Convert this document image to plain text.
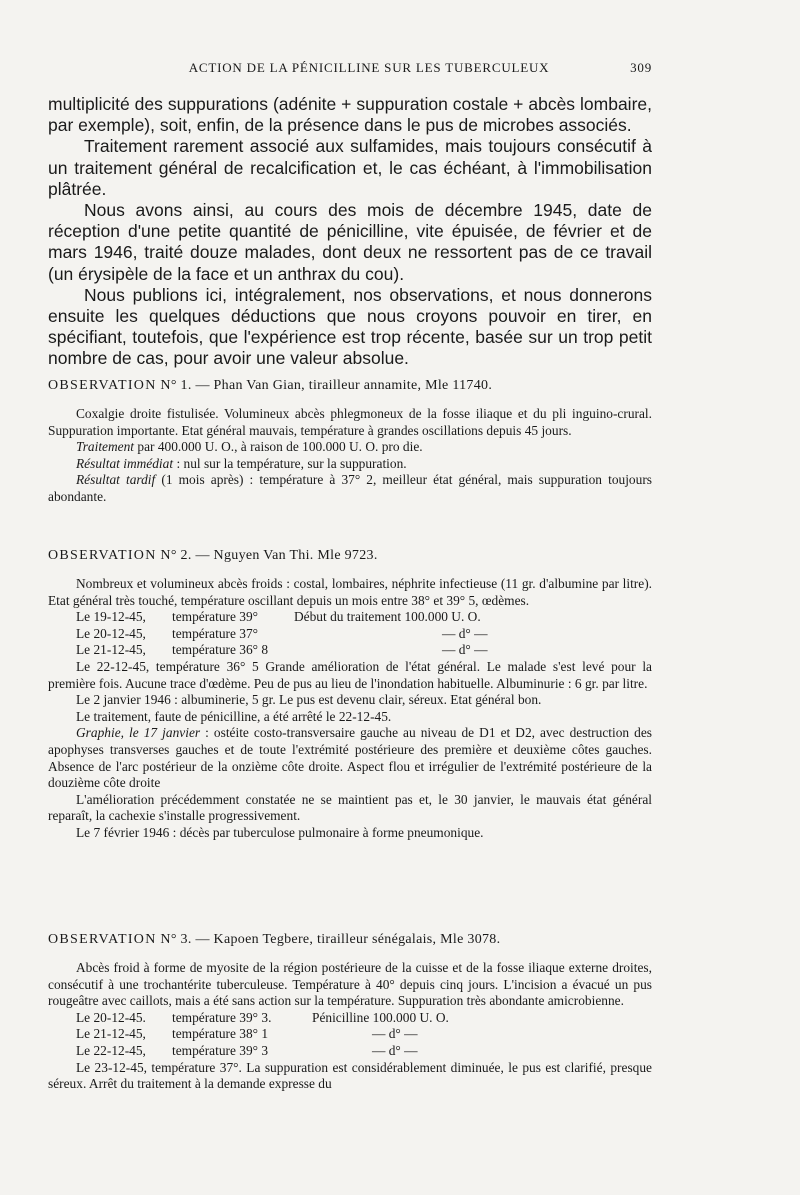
ACTION DE LA PÉNICILLINE SUR LES TUBERCULEUX	309

multiplicité des suppurations (adénite + suppuration costale + abcès lombaire, par exemple), soit, enfin, de la présence dans le pus de microbes associés.

Traitement rarement associé aux sulfamides, mais toujours consécutif à un traitement général de recalcification et, le cas échéant, à l'immobilisation plâtrée.

Nous avons ainsi, au cours des mois de décembre 1945, date de réception d'une petite quantité de pénicilline, vite épuisée, de février et de mars 1946, traité douze malades, dont deux ne ressortent pas de ce travail (un érysipèle de la face et un anthrax du cou).

Nous publions ici, intégralement, nos observations, et nous donnerons ensuite les quelques déductions que nous croyons pouvoir en tirer, en spécifiant, toutefois, que l'expérience est trop récente, basée sur un trop petit nombre de cas, pour avoir une valeur absolue.

OBSERVATION N° 1. — Phan Van Gian, tirailleur annamite, Mle 11740.

Coxalgie droite fistulisée. Volumineux abcès phlegmoneux de la fosse iliaque et du pli inguino-crural. Suppuration importante. Etat général mauvais, température à grandes oscillations depuis 45 jours.

Traitement par 400.000 U. O., à raison de 100.000 U. O. pro die.

Résultat immédiat : nul sur la température, sur la suppuration.

Résultat tardif (1 mois après) : température à 37° 2, meilleur état général, mais suppuration toujours abondante.

OBSERVATION N° 2. — Nguyen Van Thi. Mle 9723.

Nombreux et volumineux abcès froids : costal, lombaires, néphrite infectieuse (11 gr. d'albumine par litre). Etat général très touché, température oscillant depuis un mois entre 38° et 39° 5, œdèmes.

Le 19-12-45,	température 39°	Début du traitement 100.000 U. O.
Le 20-12-45,	température 37°	— d° —
Le 21-12-45,	température 36° 8	— d° —

Le 22-12-45, température 36° 5 Grande amélioration de l'état général. Le malade s'est levé pour la première fois. Aucune trace d'œdème. Peu de pus au lieu de l'inondation habituelle. Albuminurie : 6 gr. par litre.

Le 2 janvier 1946 : albuminerie, 5 gr. Le pus est devenu clair, séreux. Etat général bon.

Le traitement, faute de pénicilline, a été arrêté le 22-12-45.

Graphie, le 17 janvier : ostéite costo-transversaire gauche au niveau de D1 et D2, avec destruction des apophyses transverses gauches et de toute l'extrémité postérieure des première et deuxième côtes gauches. Absence de l'arc postérieur de la onzième côte droite. Aspect flou et irrégulier de l'extrémité postérieure de la douzième côte droite

L'amélioration précédemment constatée ne se maintient pas et, le 30 janvier, le mauvais état général reparaît, la cachexie s'installe progressivement.

Le 7 février 1946 : décès par tuberculose pulmonaire à forme pneumonique.

OBSERVATION N° 3. — Kapoen Tegbere, tirailleur sénégalais, Mle 3078.

Abcès froid à forme de myosite de la région postérieure de la cuisse et de la fosse iliaque externe droites, consécutif à une trochantérite tuberculeuse. Température à 40° depuis cinq jours. L'incision a évacué un pus rougeâtre avec caillots, mais a été sans action sur la température. Suppuration très abondante amicrobienne.

Le 20-12-45.	température 39° 3.	Pénicilline 100.000 U. O.
Le 21-12-45,	température 38° 1	— d° —
Le 22-12-45,	température 39° 3	— d° —

Le 23-12-45, température 37°. La suppuration est considérablement diminuée, le pus est clarifié, presque séreux. Arrêt du traitement à la demande expresse du
